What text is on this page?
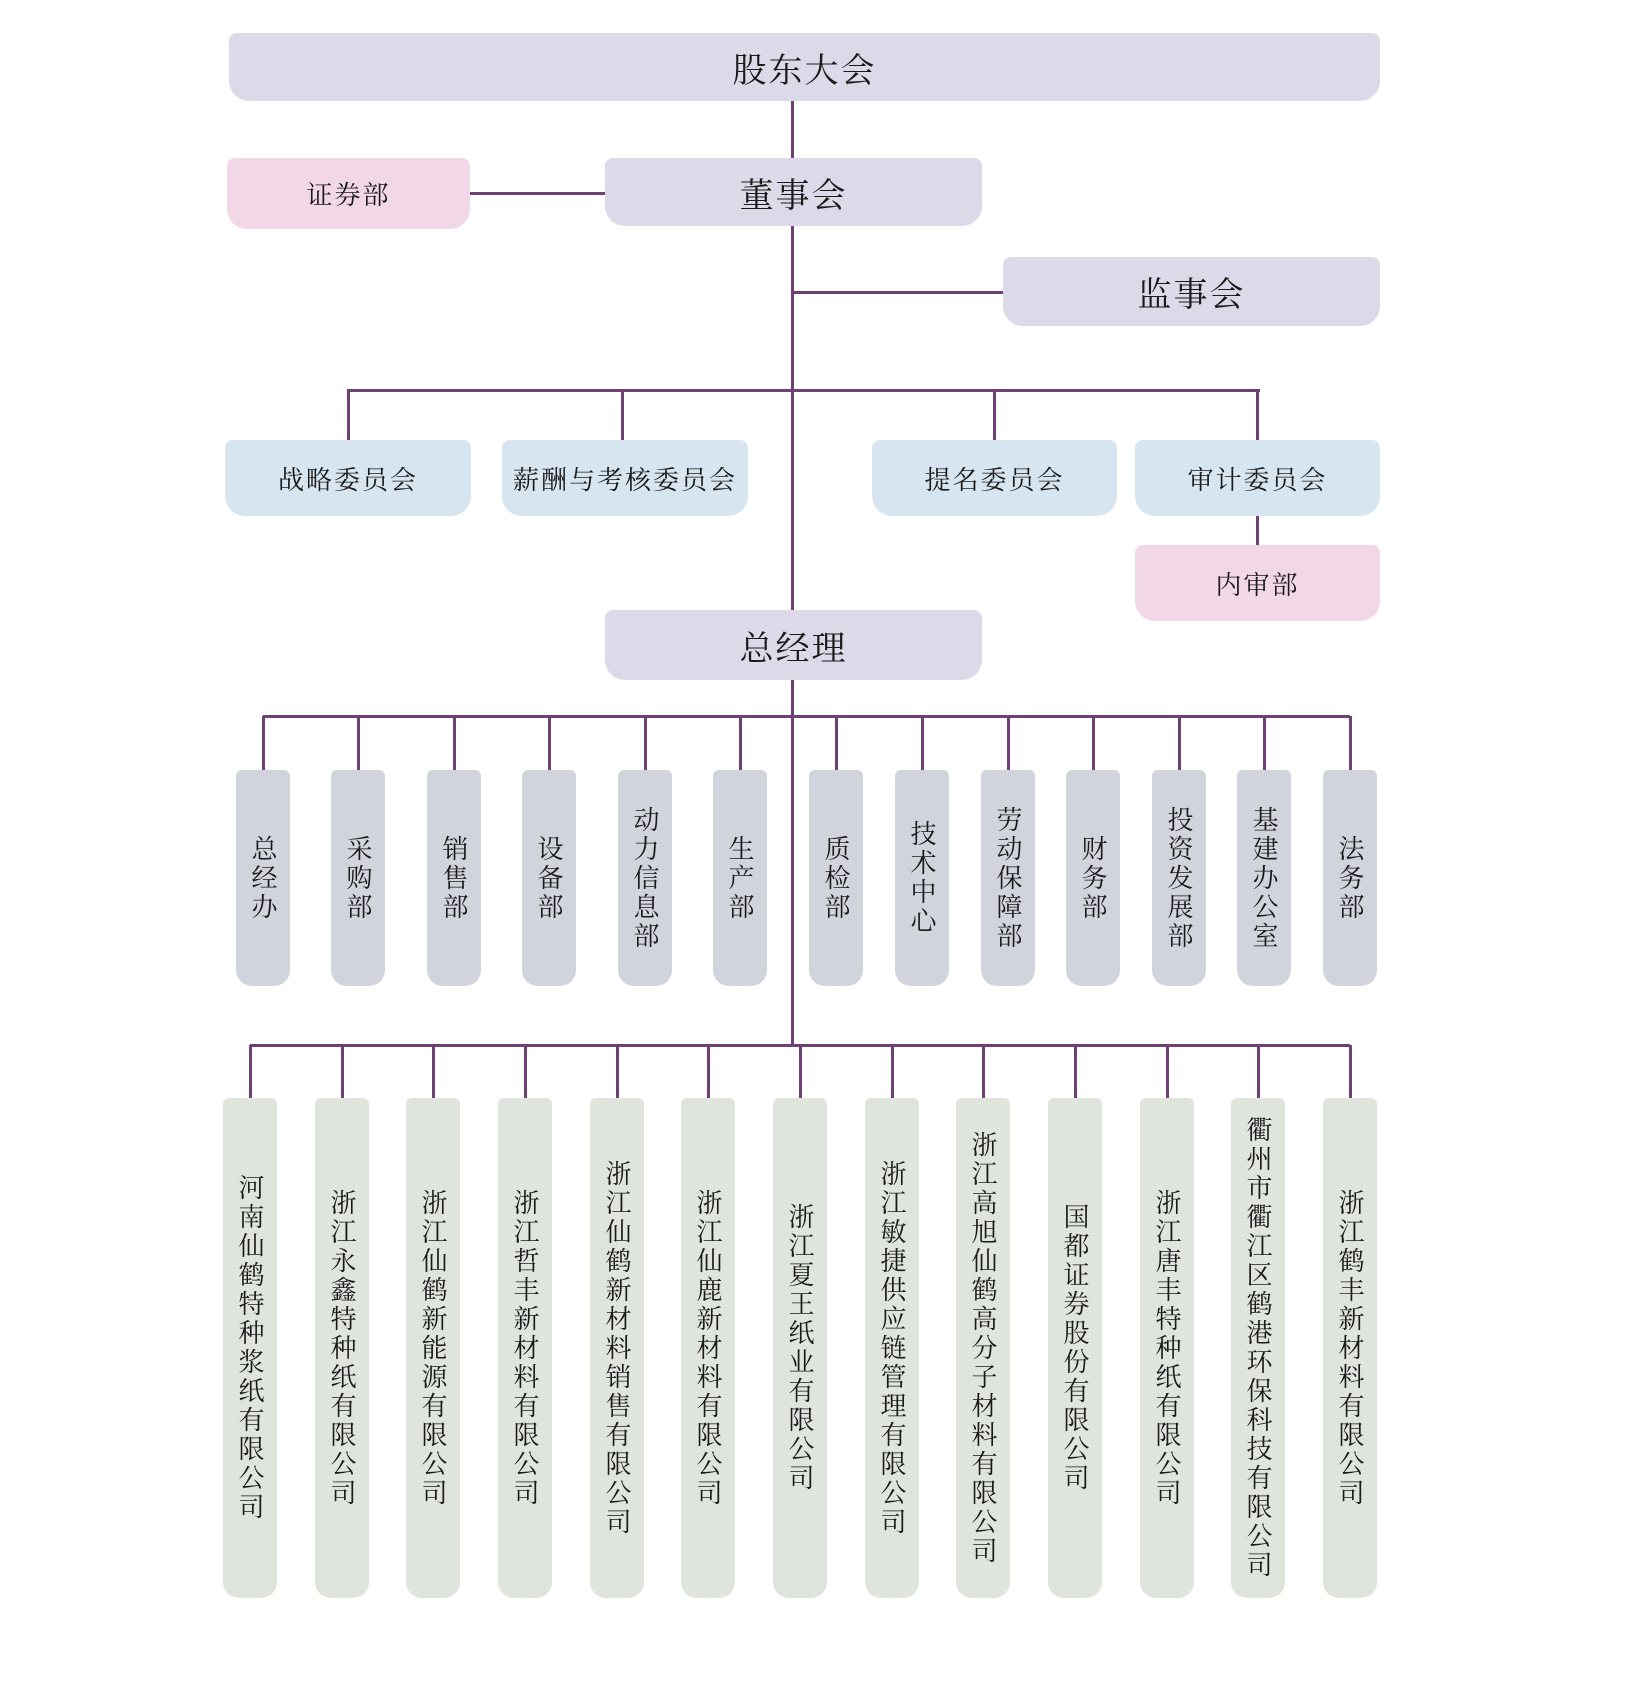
股东大会
证券部	董事会
监事会
战略委员会	薪酬与考核委员会	提名委员会	审计委员会
内审部
总经理
总经办	采购部	销售部	设备部	动力信息部	生产部	质检部 技术中心 劳动保障部 财务部 投资发展部 基建办公室 法务部
河南仙鹤特种浆纸有限公司 浙江永鑫特种纸有限公司 浙江仙鹤新能源有限公司 浙江哲丰新材料有限公司 浙江仙鹤新材料销售有限公司 浙江仙鹿新材料有限公司 浙江夏王纸业有限公司 浙江敏捷供应链管理有限公司 浙江高旭仙鹤高分子材料有限公司 国都证券股份有限公司 浙江唐丰特种纸有限公司 衢州市衢江区鹤港环保科技有限公司 浙江鹤丰新材料有限公司
